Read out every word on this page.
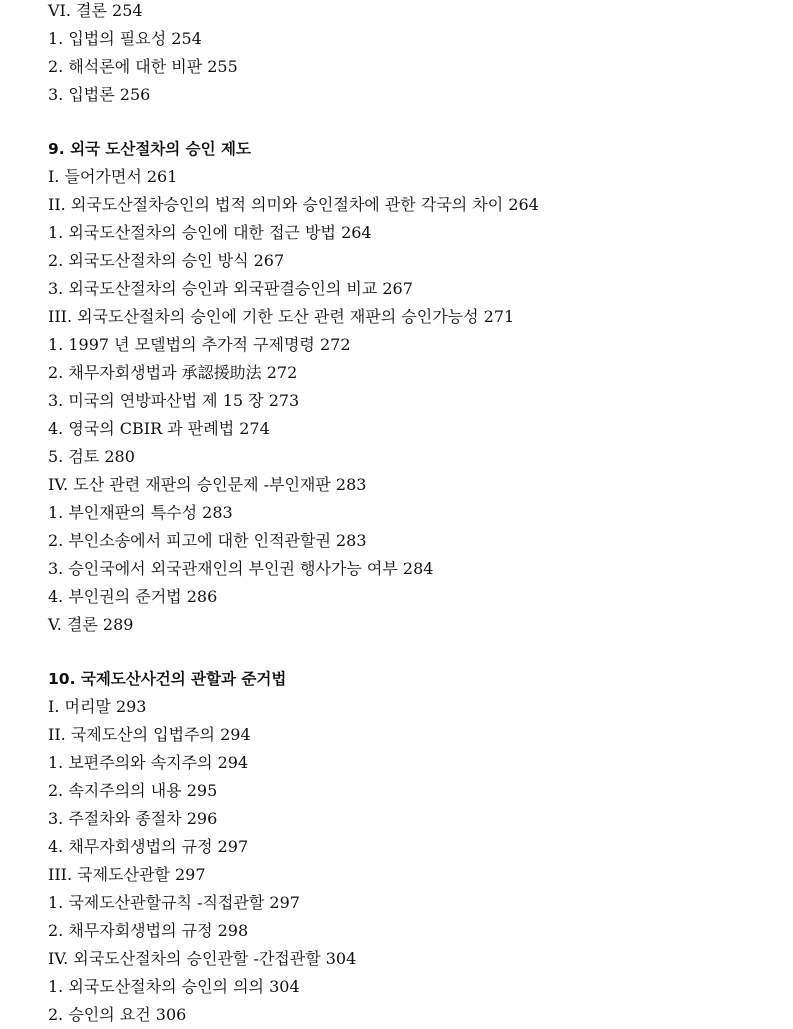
VI. 결론 254
1. 입법의 필요성 254
2. 해석론에 대한 비판 255
3. 입법론 256
9. 외국 도산절차의 승인 제도
I. 들어가면서 261
II. 외국도산절차승인의 법적 의미와 승인절차에 관한 각국의 차이 264
1. 외국도산절차의 승인에 대한 접근 방법 264
2. 외국도산절차의 승인 방식 267
3. 외국도산절차의 승인과 외국판결승인의 비교 267
III. 외국도산절차의 승인에 기한 도산 관련 재판의 승인가능성 271
1. 1997 년 모델법의 추가적 구제명령 272
2. 채무자회생법과 承認援助法 272
3. 미국의 연방파산법 제 15 장 273
4. 영국의 CBIR 과 판례법 274
5. 검토 280
IV. 도산 관련 재판의 승인문제 -부인재판 283
1. 부인재판의 특수성 283
2. 부인소송에서 피고에 대한 인적관할권 283
3. 승인국에서 외국관재인의 부인권 행사가능 여부 284
4. 부인권의 준거법 286
V. 결론 289
10. 국제도산사건의 관할과 준거법
I. 머리말 293
II. 국제도산의 입법주의 294
1. 보편주의와 속지주의 294
2. 속지주의의 내용 295
3. 주절차와 종절차 296
4. 채무자회생법의 규정 297
III. 국제도산관할 297
1. 국제도산관할규칙 -직접관할 297
2. 채무자회생법의 규정 298
IV. 외국도산절차의 승인관할 -간접관할 304
1. 외국도산절차의 승인의 의의 304
2. 승인의 요건 306
